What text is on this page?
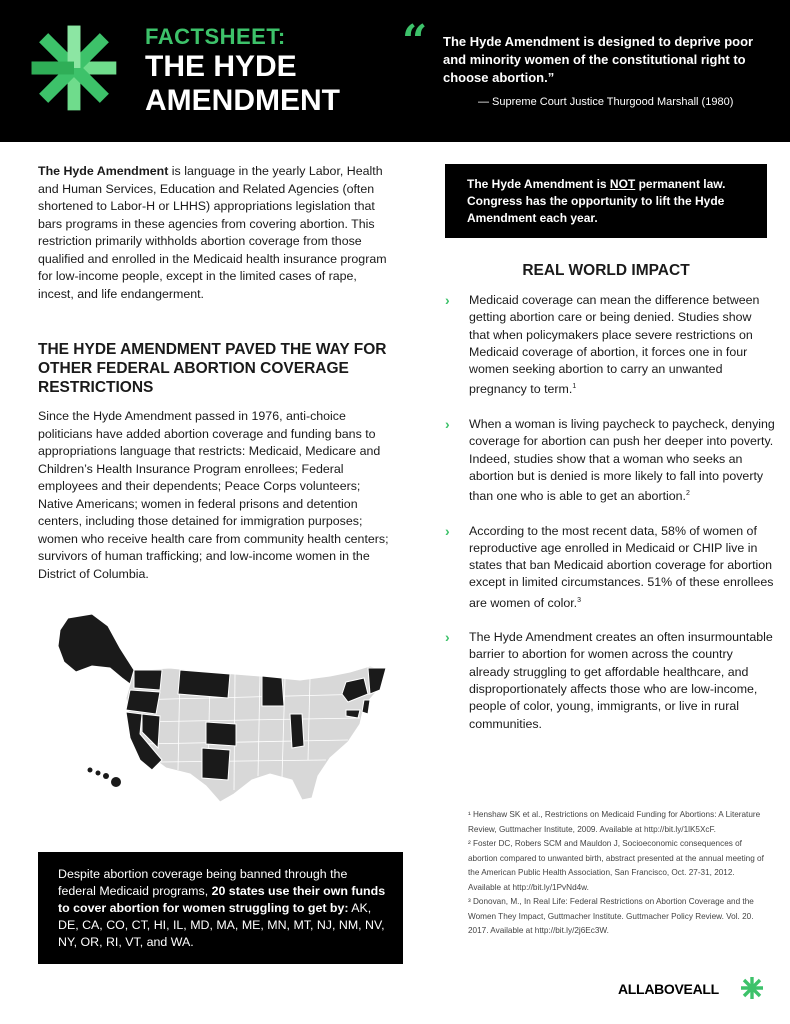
FACTSHEET:
THE HYDE AMENDMENT
“ The Hyde Amendment is designed to deprive poor and minority women of the constitutional right to choose abortion.”
— Supreme Court Justice Thurgood Marshall (1980)

The Hyde Amendment is language in the yearly Labor, Health and Human Services, Education and Related Agencies (often shortened to Labor-H or LHHS) appropriations legislation that bars programs in these agencies from covering abortion. This restriction primarily withholds abortion coverage from those qualified and enrolled in the Medicaid health insurance program for low-income people, except in the limited cases of rape, incest, and life endangerment.

THE HYDE AMENDMENT PAVED THE WAY FOR OTHER FEDERAL ABORTION COVERAGE RESTRICTIONS

Since the Hyde Amendment passed in 1976, anti-choice politicians have added abortion coverage and funding bans to appropriations language that restricts: Medicaid, Medicare and Children’s Health Insurance Program enrollees; Federal employees and their dependents; Peace Corps volunteers; Native Americans; women in federal prisons and detention centers, including those detained for immigration purposes; women who receive health care from community health centers; survivors of human trafficking; and low-income women in the District of Columbia.

Despite abortion coverage being banned through the federal Medicaid programs, 20 states use their own funds to cover abortion for women struggling to get by: AK, DE, CA, CO, CT, HI, IL, MD, MA, ME, MN, MT, NJ, NM, NV, NY, OR, RI, VT, and WA.
The Hyde Amendment is NOT permanent law. Congress has the opportunity to lift the Hyde Amendment each year.
REAL WORLD IMPACT
› Medicaid coverage can mean the difference between getting abortion care or being denied. Studies show that when policymakers place severe restrictions on Medicaid coverage of abortion, it forces one in four women seeking abortion to carry an unwanted pregnancy to term.$^1$
› When a woman is living paycheck to paycheck, denying coverage for abortion can push her deeper into poverty. Indeed, studies show that a woman who seeks an abortion but is denied is more likely to fall into poverty than one who is able to get an abortion.$^2$
› According to the most recent data, 58% of women of reproductive age enrolled in Medicaid or CHIP live in states that ban Medicaid abortion coverage for abortion except in limited circumstances. 51% of these enrollees are women of color.$^3$
› The Hyde Amendment creates an often insurmountable barrier to abortion for women across the country already struggling to get affordable healthcare, and disproportionately affects those who are low-income, people of color, young, immigrants, or live in rural communities.

¹ Henshaw SK et al., Restrictions on Medicaid Funding for Abortions: A Literature Review, Guttmacher Institute, 2009. Available at http://bit.ly/1lK5XcF.

² Foster DC, Robers SCM and Mauldon J, Socioeconomic consequences of abortion compared to unwanted birth, abstract presented at the annual meeting of the American Public Health Association, San Francisco, Oct. 27-31, 2012. Available at http://bit.ly/1PvNd4w.

³ Donovan, M., In Real Life: Federal Restrictions on Abortion Coverage and the Women They Impact, Guttmacher Institute. Guttmacher Policy Review. Vol. 20. 2017. Available at http://bit.ly/2j6Ec3W.

ALLABOVEALL
